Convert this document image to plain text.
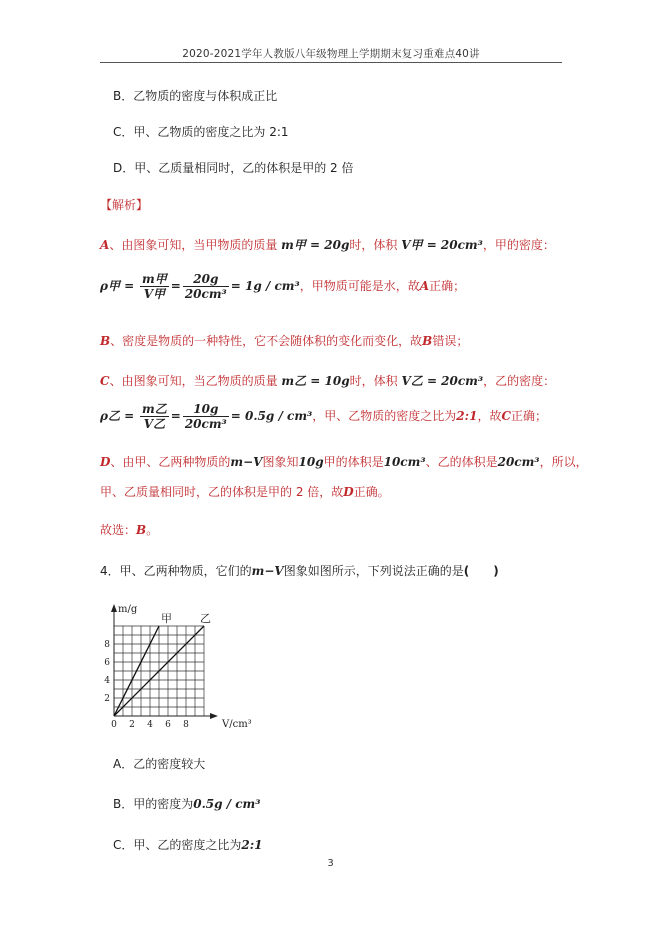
2020-2021学年人教版八年级物理上学期期末复习重难点40讲
B．乙物质的密度与体积成正比
C．甲、乙物质的密度之比为 2:1
D．甲、乙质量相同时，乙的体积是甲的 2 倍
【解析】
A、由图象可知，当甲物质的质量 m甲 = 20g时，体积 V甲 = 20cm³，甲的密度：
ρ甲 = $\frac{\text{m甲}}{\text{V甲}} = \frac{20g}{\text{20cm³}} = 1g / cm^3$，甲物质可能是水，故A正确；
B、密度是物质的一种特性，它不会随体积的变化而变化，故B错误；
C、由图象可知，当乙物质的质量 m乙 = 10g时，体积 V乙 = 20cm³，乙的密度：
ρ乙 = $\frac{\text{m乙}}{\text{V乙}} = \frac{10g}{\text{20cm³}} = 0.5g / cm^3$，甲、乙物质的密度之比为2:1，故C正确；
D、由甲、乙两种物质的m−V图象知10g甲的体积是10cm³、乙的体积是20cm³，所以，
甲、乙质量相同时，乙的体积是甲的 2 倍，故D正确。
故选：B。
4．甲、乙两种物质，它们的m−V图象如图所示，下列说法正确的是(　　)
0 2 4 6 8
2
4
6
8
m/g
V/cm³
甲	乙
A．乙的密度较大
B．甲的密度为0.5g / cm³
C．甲、乙的密度之比为2:1
3
